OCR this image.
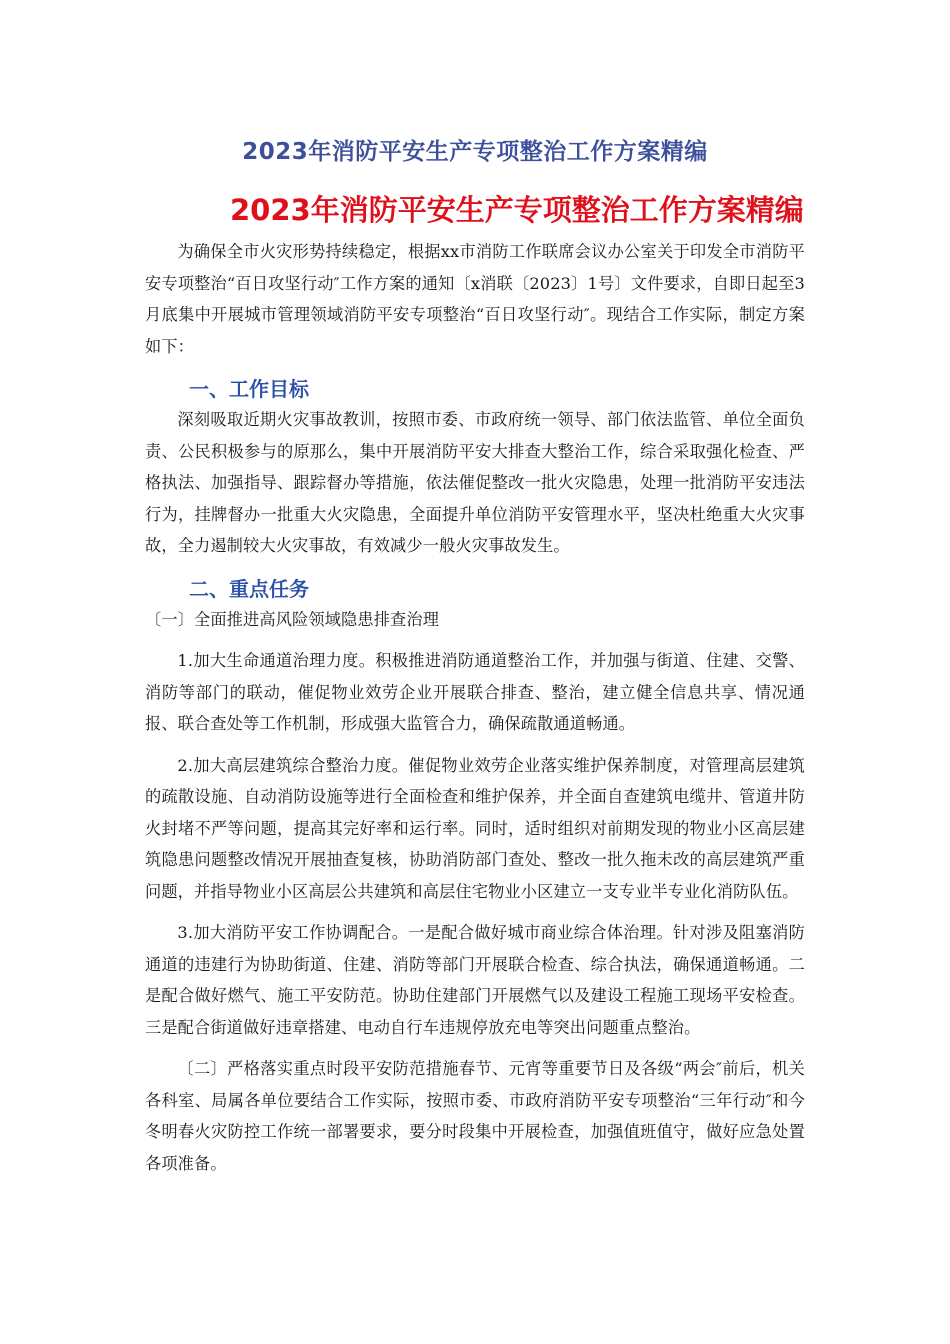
2023年消防平安生产专项整治工作方案精编
2023年消防平安生产专项整治工作方案精编

为确保全市火灾形势持续稳定，根据xx市消防工作联席会议办公室关于印发全市消防平安专项整治“百日攻坚行动″工作方案的通知〔x消联〔2023〕1号〕文件要求，自即日起至3月底集中开展城市管理领域消防平安专项整治“百日攻坚行动″。现结合工作实际，制定方案如下：

一、工作目标

深刻吸取近期火灾事故教训，按照市委、市政府统一领导、部门依法监管、单位全面负责、公民积极参与的原那么，集中开展消防平安大排查大整治工作，综合采取强化检查、严格执法、加强指导、跟踪督办等措施，依法催促整改一批火灾隐患，处理一批消防平安违法行为，挂牌督办一批重大火灾隐患，全面提升单位消防平安管理水平，坚决杜绝重大火灾事故，全力遏制较大火灾事故，有效减少一般火灾事故发生。

二、重点任务

〔一〕全面推进高风险领域隐患排查治理

1.加大生命通道治理力度。积极推进消防通道整治工作，并加强与街道、住建、交警、消防等部门的联动，催促物业效劳企业开展联合排查、整治，建立健全信息共享、情况通报、联合查处等工作机制，形成强大监管合力，确保疏散通道畅通。

2.加大高层建筑综合整治力度。催促物业效劳企业落实维护保养制度，对管理高层建筑的疏散设施、自动消防设施等进行全面检查和维护保养，并全面自查建筑电缆井、管道井防火封堵不严等问题，提高其完好率和运行率。同时，适时组织对前期发现的物业小区高层建筑隐患问题整改情况开展抽查复核，协助消防部门查处、整改一批久拖未改的高层建筑严重问题，并指导物业小区高层公共建筑和高层住宅物业小区建立一支专业半专业化消防队伍。

3.加大消防平安工作协调配合。一是配合做好城市商业综合体治理。针对涉及阻塞消防通道的违建行为协助街道、住建、消防等部门开展联合检查、综合执法，确保通道畅通。二是配合做好燃气、施工平安防范。协助住建部门开展燃气以及建设工程施工现场平安检查。三是配合街道做好违章搭建、电动自行车违规停放充电等突出问题重点整治。

〔二〕严格落实重点时段平安防范措施春节、元宵等重要节日及各级“两会″前后，机关各科室、局属各单位要结合工作实际，按照市委、市政府消防平安专项整治“三年行动″和今冬明春火灾防控工作统一部署要求，要分时段集中开展检查，加强值班值守，做好应急处置各项准备。
